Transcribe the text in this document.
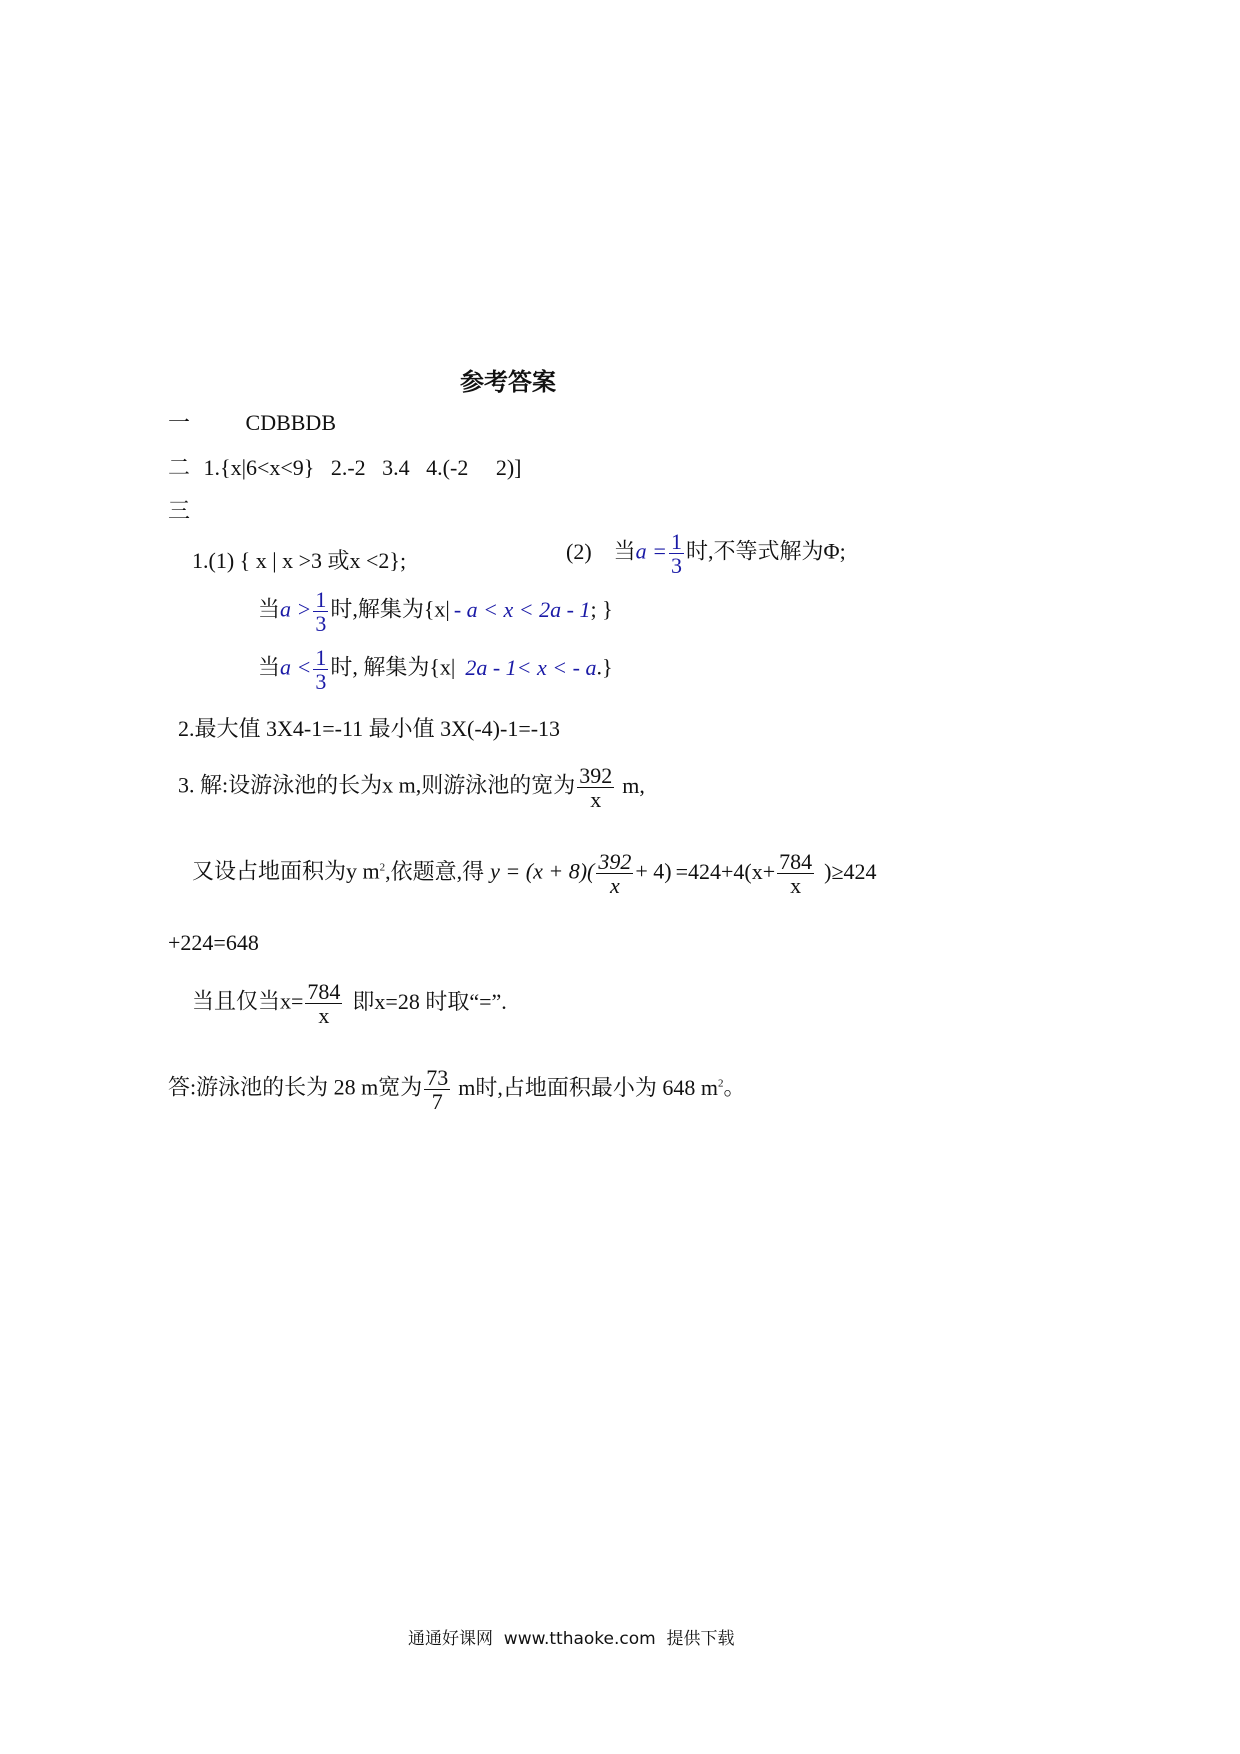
参考答案
一	CDBBDB
二 1.{x|6<x<9}   2.-2   3.4   4.(-2     2)]
三
1.(1) { x | x >3 或x <2};	(2) 当$a = \frac{1}{3}$ 时,不等式解为Φ;
当$a > \frac{1}{3}$ 时,解集为{x| - a < x < 2a - 1; }
当$a < \frac{1}{3}$ 时, 解集为{x| 2a - 1< x < - a.}
2.最大值 3X4-1=-11 最小值 3X(-4)-1=-13
3. 解:设游泳池的长为x m,则游泳池的宽为 $\frac{392}{x} m$,
又设占地面积为y $m^2$,依题意,得 $y = (x + 8)( \frac{392}{x} + 4) =424+4(x+ \frac{784}{x} )\ge 424$
+224=648
当且仅当$x= \frac{784}{x}$ 即x=28 时取“=”.
答:游泳池的长为 28 m宽为 $\frac{73}{7}$ m时,占地面积最小为 648 $m^2$。
通通好课网  www.tthaoke.com  提供下载
